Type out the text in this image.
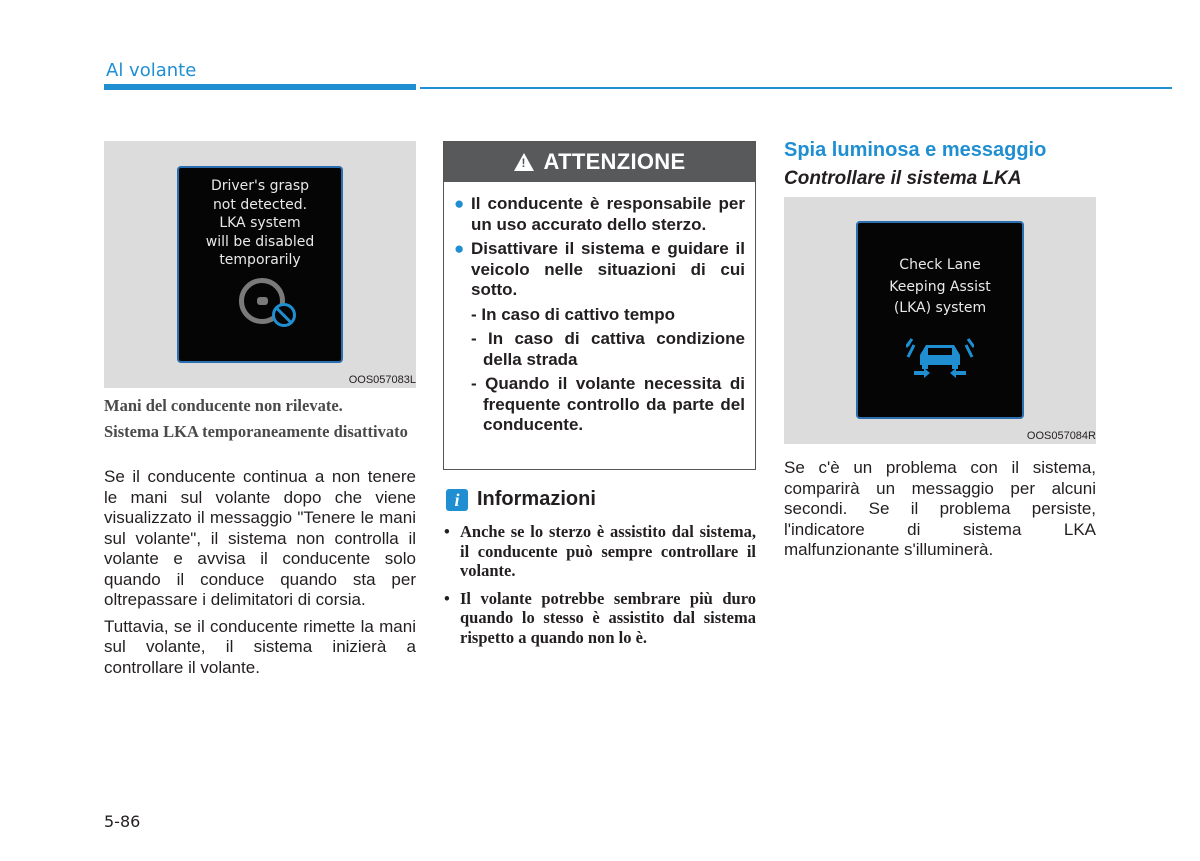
Al volante
Driver's grasp
not detected.
LKA system
will be disabled
temporarily
OOS057083L
Mani del conducente non rilevate.
Sistema LKA temporaneamente disattivato

Se il conducente continua a non tenere le mani sul volante dopo che viene visualizzato il messaggio "Tenere le mani sul volante", il sistema non controlla il volante e avvisa il conducente solo quando il conduce quando sta per oltrepassare i delimitatori di corsia.

Tuttavia, se il conducente rimette la mani sul volante, il sistema inizierà a controllare il volante.

! ATTENZIONE
● Il conducente è responsabile per un uso accurato dello sterzo.
● Disattivare il sistema e guidare il veicolo nelle situazioni di cui sotto.
- In caso di cattivo tempo
- In caso di cattiva condizione della strada
- Quando il volante necessita di frequente controllo da parte del conducente.
i Informazioni
• Anche se lo sterzo è assistito dal sistema, il conducente può sempre controllare il volante.
• Il volante potrebbe sembrare più duro quando lo stesso è assistito dal sistema rispetto a quando non lo è.
Spia luminosa e messaggio
Controllare il sistema LKA
Check Lane
Keeping Assist
(LKA) system
OOS057084R

Se c'è un problema con il sistema, comparirà un messaggio per alcuni secondi. Se il problema persiste, l'indicatore di sistema LKA malfunzionante s'illuminerà.

5-86
